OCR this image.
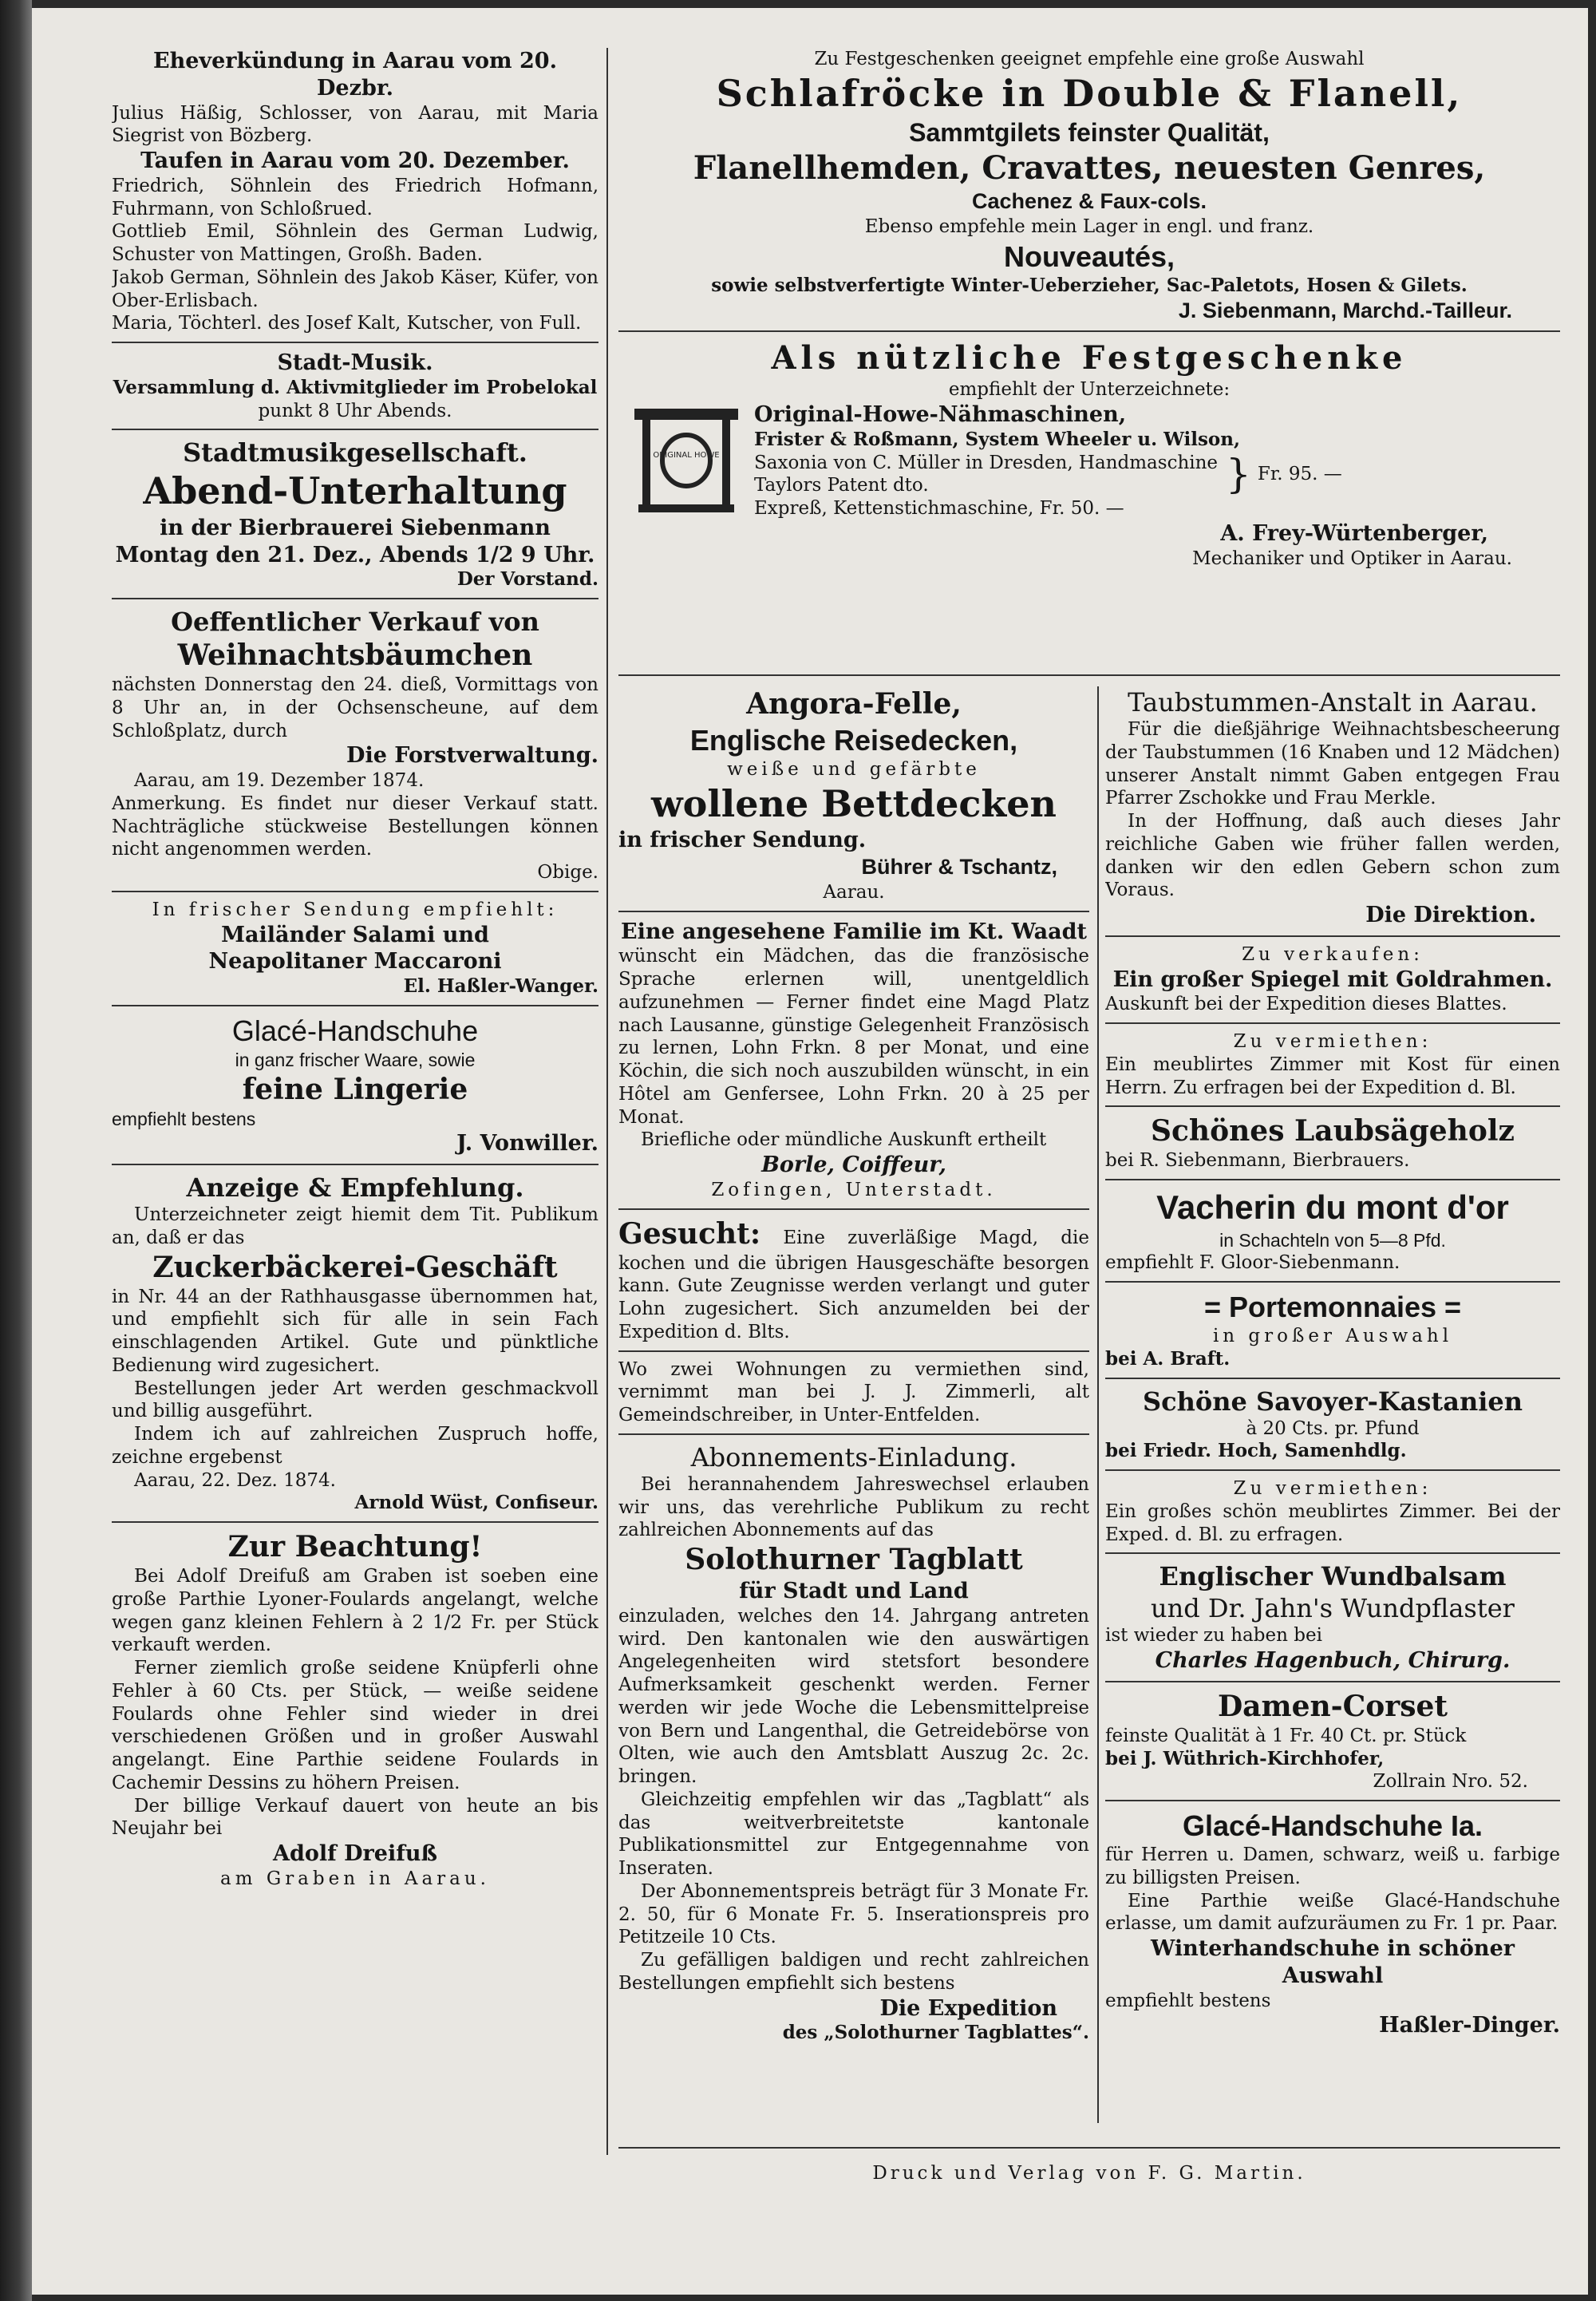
Eheverkündung in Aarau vom 20. Dezbr.

Julius Häßig, Schlosser, von Aarau, mit Maria Siegrist von Bözberg.

Taufen in Aarau vom 20. Dezember.

Friedrich, Söhnlein des Friedrich Hofmann, Fuhrmann, von Schloßrued.

Gottlieb Emil, Söhnlein des German Ludwig, Schuster von Mattingen, Großh. Baden.

Jakob German, Söhnlein des Jakob Käser, Küfer, von Ober-Erlisbach.

Maria, Töchterl. des Josef Kalt, Kutscher, von Full.

Stadt-Musik.

Versammlung d. Aktivmitglieder im Probelokal

punkt 8 Uhr Abends.

Stadtmusikgesellschaft.

Abend-Unterhaltung

in der Bierbrauerei Siebenmann

Montag den 21. Dez., Abends 1/2 9 Uhr.

Der Vorstand.

Oeffentlicher Verkauf von

Weihnachtsbäumchen

nächsten Donnerstag den 24. dieß, Vormittags von 8 Uhr an, in der Ochsenscheune, auf dem Schloßplatz, durch

Die Forstverwaltung.

Aarau, am 19. Dezember 1874.

Anmerkung. Es findet nur dieser Verkauf statt. Nachträgliche stückweise Bestellungen können nicht angenommen werden.

Obige.

In frischer Sendung empfiehlt:

Mailänder Salami und

Neapolitaner Maccaroni

El. Haßler-Wanger.

Glacé-Handschuhe

in ganz frischer Waare, sowie

feine Lingerie

empfiehlt bestens

J. Vonwiller.

Anzeige & Empfehlung.

Unterzeichneter zeigt hiemit dem Tit. Publikum an, daß er das

Zuckerbäckerei-Geschäft

in Nr. 44 an der Rathhausgasse übernommen hat, und empfiehlt sich für alle in sein Fach einschlagenden Artikel. Gute und pünktliche Bedienung wird zugesichert.

Bestellungen jeder Art werden geschmackvoll und billig ausgeführt.

Indem ich auf zahlreichen Zuspruch hoffe, zeichne ergebenst

Aarau, 22. Dez. 1874.

Arnold Wüst, Confiseur.

Zur Beachtung!

Bei Adolf Dreifuß am Graben ist soeben eine große Parthie Lyoner-Foulards angelangt, welche wegen ganz kleinen Fehlern à 2 1/2 Fr. per Stück verkauft werden.

Ferner ziemlich große seidene Knüpferli ohne Fehler à 60 Cts. per Stück, — weiße seidene Foulards ohne Fehler sind wieder in drei verschiedenen Größen und in großer Auswahl angelangt. Eine Parthie seidene Foulards in Cachemir Dessins zu höhern Preisen.

Der billige Verkauf dauert von heute an bis Neujahr bei

Adolf Dreifuß

am Graben in Aarau.

Zu Festgeschenken geeignet empfehle eine große Auswahl

Schlafröcke in Double & Flanell,

Sammtgilets feinster Qualität,

Flanellhemden, Cravattes, neuesten Genres,

Cachenez & Faux-cols.

Ebenso empfehle mein Lager in engl. und franz.

Nouveautés,

sowie selbstverfertigte Winter-Ueberzieher, Sac-Paletots, Hosen & Gilets.

J. Siebenmann, Marchd.-Tailleur.

Als nützliche Festgeschenke

empfiehlt der Unterzeichnete:

ORIGINAL HOWE

Original-Howe-Nähmaschinen,

Frister & Roßmann, System Wheeler u. Wilson,

Saxonia von C. Müller in Dresden, Handmaschine

Taylors Patent dto.	} Fr. 95. —

Expreß, Kettenstichmaschine, Fr. 50. —

A. Frey-Würtenberger,

Mechaniker und Optiker in Aarau.

Angora-Felle,

Englische Reisedecken,

weiße und gefärbte

wollene Bettdecken

in frischer Sendung.

Bührer & Tschantz,

Aarau.

Eine angesehene Familie im Kt. Waadt

wünscht ein Mädchen, das die französische Sprache erlernen will, unentgeldlich aufzunehmen — Ferner findet eine Magd Platz nach Lausanne, günstige Gelegenheit Französisch zu lernen, Lohn Frkn. 8 per Monat, und eine Köchin, die sich noch auszubilden wünscht, in ein Hôtel am Genfersee, Lohn Frkn. 20 à 25 per Monat.

Briefliche oder mündliche Auskunft ertheilt

Borle, Coiffeur,

Zofingen, Unterstadt.

Gesucht: Eine zuverläßige Magd, die kochen und die übrigen Hausgeschäfte besorgen kann. Gute Zeugnisse werden verlangt und guter Lohn zugesichert. Sich anzumelden bei der Expedition d. Blts.

Wo zwei Wohnungen zu vermiethen sind, vernimmt man bei J. J. Zimmerli, alt Gemeindschreiber, in Unter-Entfelden.

Abonnements-Einladung.

Bei herannahendem Jahreswechsel erlauben wir uns, das verehrliche Publikum zu recht zahlreichen Abonnements auf das

Solothurner Tagblatt

für Stadt und Land

einzuladen, welches den 14. Jahrgang antreten wird. Den kantonalen wie den auswärtigen Angelegenheiten wird stetsfort besondere Aufmerksamkeit geschenkt werden. Ferner werden wir jede Woche die Lebensmittelpreise von Bern und Langenthal, die Getreidebörse von Olten, wie auch den Amtsblatt Auszug 2c. 2c. bringen.

Gleichzeitig empfehlen wir das „Tagblatt“ als das weitverbreitetste kantonale Publikationsmittel zur Entgegennahme von Inseraten.

Der Abonnementspreis beträgt für 3 Monate Fr. 2. 50, für 6 Monate Fr. 5. Inserationspreis pro Petitzeile 10 Cts.

Zu gefälligen baldigen und recht zahlreichen Bestellungen empfiehlt sich bestens

Die Expedition

des „Solothurner Tagblattes“.

Taubstummen-Anstalt in Aarau.

Für die dießjährige Weihnachtsbescheerung der Taubstummen (16 Knaben und 12 Mädchen) unserer Anstalt nimmt Gaben entgegen Frau Pfarrer Zschokke und Frau Merkle.

In der Hoffnung, daß auch dieses Jahr reichliche Gaben wie früher fallen werden, danken wir den edlen Gebern schon zum Voraus.

Die Direktion.

Zu verkaufen:

Ein großer Spiegel mit Goldrahmen.

Auskunft bei der Expedition dieses Blattes.

Zu vermiethen:

Ein meublirtes Zimmer mit Kost für einen Herrn. Zu erfragen bei der Expedition d. Bl.

Schönes Laubsägeholz

bei R. Siebenmann, Bierbrauers.

Vacherin du mont d'or

in Schachteln von 5—8 Pfd.

empfiehlt F. Gloor-Siebenmann.

= Portemonnaies =

in großer Auswahl

bei A. Braft.

Schöne Savoyer-Kastanien

à 20 Cts. pr. Pfund

bei Friedr. Hoch, Samenhdlg.

Zu vermiethen:

Ein großes schön meublirtes Zimmer. Bei der Exped. d. Bl. zu erfragen.

Englischer Wundbalsam

und Dr. Jahn's Wundpflaster

ist wieder zu haben bei

Charles Hagenbuch, Chirurg.

Damen-Corset

feinste Qualität à 1 Fr. 40 Ct. pr. Stück

bei J. Wüthrich-Kirchhofer,

Zollrain Nro. 52.

Glacé-Handschuhe Ia.

für Herren u. Damen, schwarz, weiß u. farbige zu billigsten Preisen.

Eine Parthie weiße Glacé-Handschuhe erlasse, um damit aufzuräumen zu Fr. 1 pr. Paar.

Winterhandschuhe in schöner Auswahl

empfiehlt bestens

Haßler-Dinger.

Druck und Verlag von F. G. Martin.
